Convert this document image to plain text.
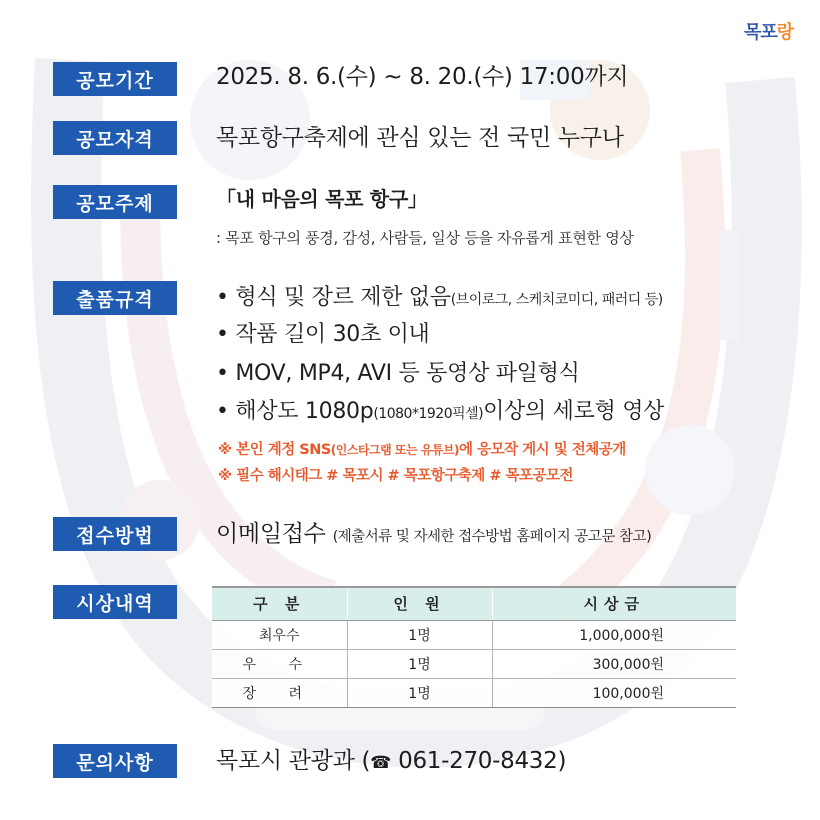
목포랑
공모기간	2025. 8. 6.(수) ~ 8. 20.(수) 17:00까지
공모자격	목포항구축제에 관심 있는 전 국민 누구나
공모주제	「내 마음의 목포 항구」
: 목포 항구의 풍경, 감성, 사람들, 일상 등을 자유롭게 표현한 영상
출품규격	• 형식 및 장르 제한 없음(브이로그, 스케치코미디, 패러디 등)
• 작품 길이 30초 이내
• MOV, MP4, AVI 등 동영상 파일형식
• 해상도 1080p(1080*1920픽셀)이상의 세로형 영상
※ 본인 계정 SNS(인스타그램 또는 유튜브)에 응모작 게시 및 전체공개
※ 필수 해시태그 # 목포시 # 목포항구축제 # 목포공모전
접수방법	이메일접수 (제출서류 및 자세한 접수방법 홈페이지 공고문 참고)
시상내역	구 분	인 원	시상금
최우수	1명	1,000,000원
우 수	1명	300,000원
장 려	1명	100,000원
문의사항	목포시 관광과 (☎ 061-270-8432)
